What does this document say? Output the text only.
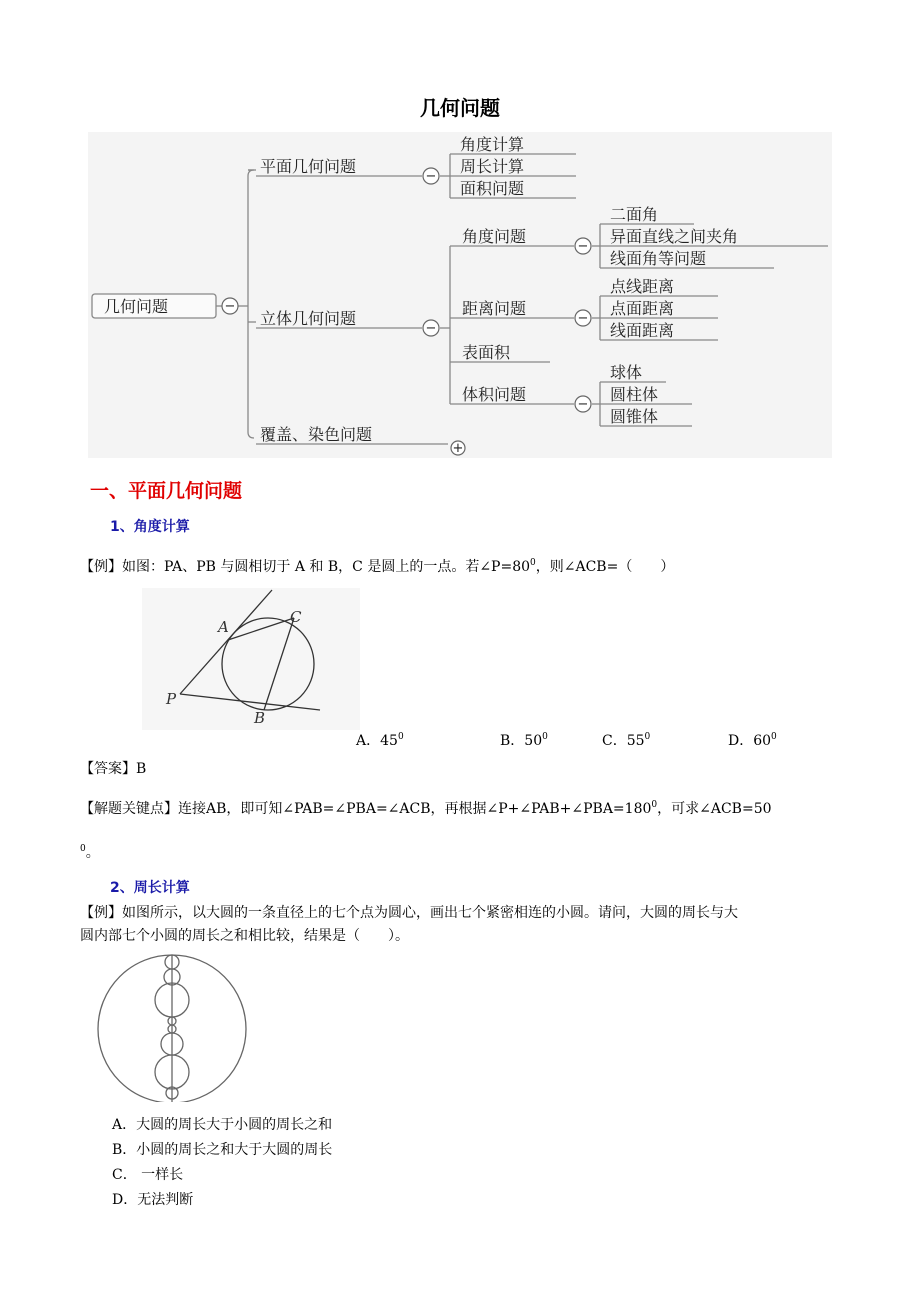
几何问题
−
−
−
+
−
−
−
几何问题
平面几何问题
立体几何问题
覆盖、染色问题
角度计算
周长计算
面积问题
角度问题
距离问题
表面积
体积问题
二面角
异面直线之间夹角
线面角等问题
点线距离
点面距离
线面距离
球体
圆柱体
圆锥体
一、平面几何问题
1、角度计算
【例】如图：PA、PB 与圆相切于 A 和 B，C 是圆上的一点。若$\angle P=80^0$，则∠ACB=（　　）
A
C
P
B
A．$45^0$	B．$50^0$	C．$55^0$	D．$60^0$
【答案】B
【解题关键点】连接AB，即可知∠PAB=∠PBA=∠ACB，再根据$\angle P+\angle PAB+\angle PBA=180^0$，可求∠ACB=50
$^0$。
2、周长计算
【例】如图所示，以大圆的一条直径上的七个点为圆心，画出七个紧密相连的小圆。请问，大圆的周长与大
圆内部七个小圆的周长之和相比较，结果是（　　）。
A．大圆的周长大于小圆的周长之和
B．小圆的周长之和大于大圆的周长
C． 一样长
D．无法判断
